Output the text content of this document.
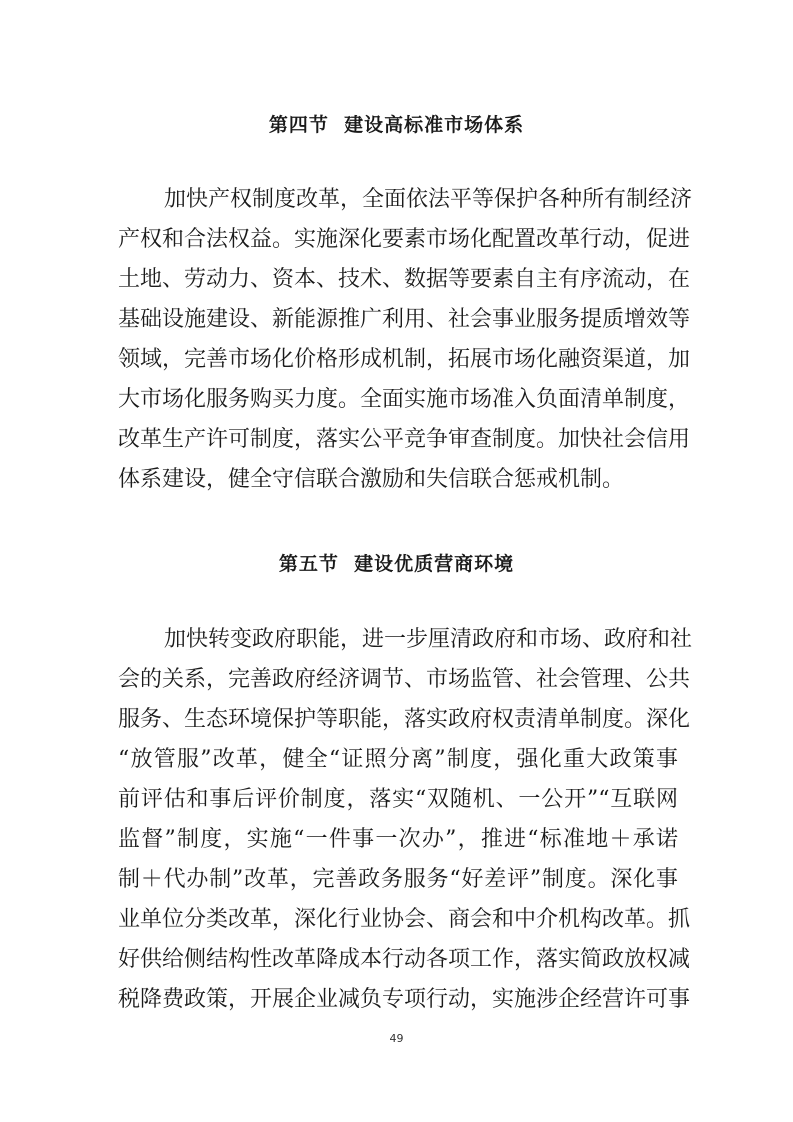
第四节  建设高标准市场体系
加快产权制度改革，全面依法平等保护各种所有制经济
产权和合法权益。实施深化要素市场化配置改革行动，促进
土地、劳动力、资本、技术、数据等要素自主有序流动，在
基础设施建设、新能源推广利用、社会事业服务提质增效等
领域，完善市场化价格形成机制，拓展市场化融资渠道，加
大市场化服务购买力度。全面实施市场准入负面清单制度，
改革生产许可制度，落实公平竞争审查制度。加快社会信用
体系建设，健全守信联合激励和失信联合惩戒机制。
第五节  建设优质营商环境
加快转变政府职能，进一步厘清政府和市场、政府和社
会的关系，完善政府经济调节、市场监管、社会管理、公共
服务、生态环境保护等职能，落实政府权责清单制度。深化
“放管服”改革，健全“证照分离”制度，强化重大政策事
前评估和事后评价制度，落实“双随机、一公开”“互联网
监督”制度，实施“一件事一次办”，推进“标准地＋承诺
制＋代办制”改革，完善政务服务“好差评”制度。深化事
业单位分类改革，深化行业协会、商会和中介机构改革。抓
好供给侧结构性改革降成本行动各项工作，落实简政放权减
税降费政策，开展企业减负专项行动，实施涉企经营许可事
49
